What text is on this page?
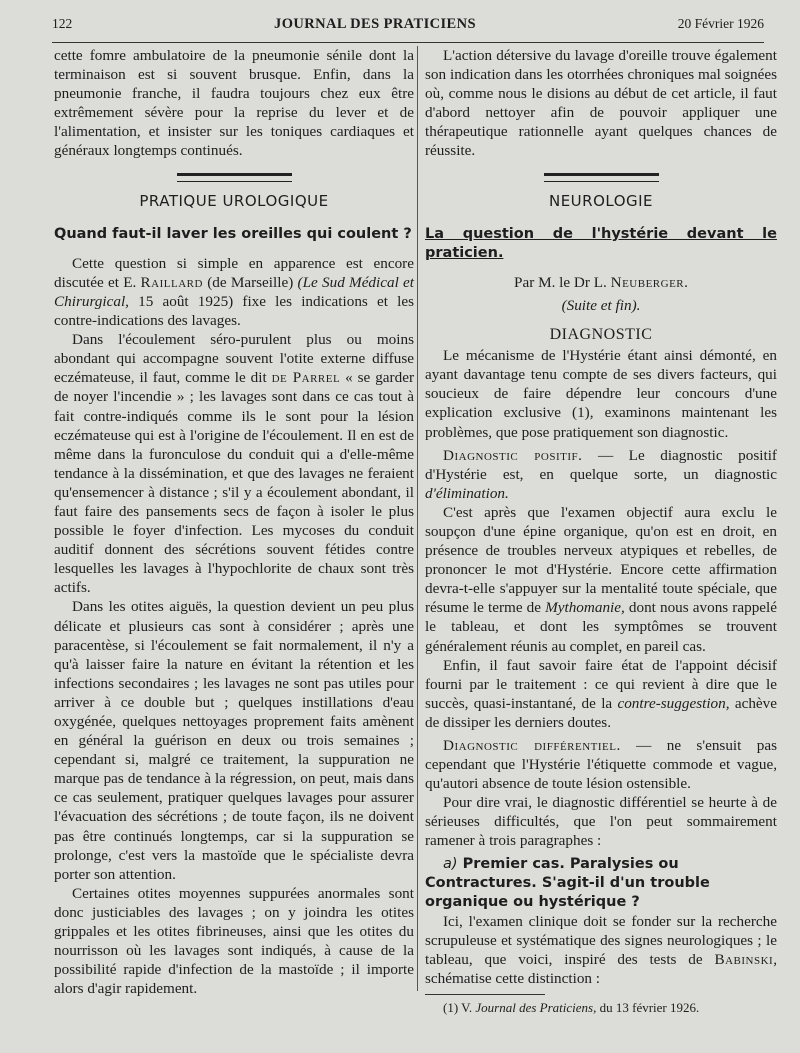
122	JOURNAL DES PRATICIENS	20 Février 1926

cette fomre ambulatoire de la pneumonie sénile dont la terminaison est si souvent brusque. Enfin, dans la pneumonie franche, il faudra toujours chez eux être extrêmement sévère pour la reprise du lever et de l'alimentation, et insister sur les toniques cardiaques et généraux longtemps continués.

PRATIQUE UROLOGIQUE
Quand faut-il laver les oreilles qui coulent ?

Cette question si simple en apparence est encore discutée et E. Raillard (de Marseille) (Le Sud Médical et Chirurgical, 15 août 1925) fixe les indications et les contre-indications des lavages.

Dans l'écoulement séro-purulent plus ou moins abondant qui accompagne souvent l'otite externe diffuse eczémateuse, il faut, comme le dit de Parrel « se garder de noyer l'incendie » ; les lavages sont dans ce cas tout à fait contre-indiqués comme ils le sont pour la lésion eczémateuse qui est à l'origine de l'écoulement. Il en est de même dans la furonculose du conduit qui a d'elle-même tendance à la dissémination, et que des lavages ne feraient qu'ensemencer à distance ; s'il y a écoulement abondant, il faut faire des pansements secs de façon à isoler le plus possible le foyer d'infection. Les mycoses du conduit auditif donnent des sécrétions souvent fétides contre lesquelles les lavages à l'hypochlorite de chaux sont très actifs.

Dans les otites aiguës, la question devient un peu plus délicate et plusieurs cas sont à considérer ; après une paracentèse, si l'écoulement se fait normalement, il n'y a qu'à laisser faire la nature en évitant la rétention et les infections secondaires ; les lavages ne sont pas utiles pour arriver à ce double but ; quelques instillations d'eau oxygénée, quelques nettoyages proprement faits amènent en général la guérison en deux ou trois semaines ; cependant si, malgré ce traitement, la suppuration ne marque pas de tendance à la régression, on peut, mais dans ce cas seulement, pratiquer quelques lavages pour assurer l'évacuation des sécrétions ; de toute façon, ils ne doivent pas être continués longtemps, car si la suppuration se prolonge, c'est vers la mastoïde que le spécialiste devra porter son attention.

Certaines otites moyennes suppurées anormales sont donc justiciables des lavages ; on y joindra les otites grippales et les otites fibrineuses, ainsi que les otites du nourrisson où les lavages sont indiqués, à cause de la possibilité rapide d'infection de la mastoïde ; il importe alors d'agir rapidement.

L'action détersive du lavage d'oreille trouve également son indication dans les otorrhées chroniques mal soignées où, comme nous le disions au début de cet article, il faut d'abord nettoyer afin de pouvoir appliquer une thérapeutique rationnelle ayant quelques chances de réussite.

NEUROLOGIE
La question de l'hystérie devant le praticien.
Par M. le Dr L. Neuberger.
(Suite et fin).
DIAGNOSTIC

Le mécanisme de l'Hystérie étant ainsi démonté, en ayant davantage tenu compte de ses divers facteurs, qui soucieux de faire dépendre leur concours d'une explication exclusive (1), examinons maintenant les problèmes, que pose pratiquement son diagnostic.

Diagnostic positif. — Le diagnostic positif d'Hystérie est, en quelque sorte, un diagnostic d'élimination.

C'est après que l'examen objectif aura exclu le soupçon d'une épine organique, qu'on est en droit, en présence de troubles nerveux atypiques et rebelles, de prononcer le mot d'Hystérie. Encore cette affirmation devra-t-elle s'appuyer sur la mentalité toute spéciale, que résume le terme de Mythomanie, dont nous avons rappelé le tableau, et dont les symptômes se trouvent généralement réunis au complet, en pareil cas.

Enfin, il faut savoir faire état de l'appoint décisif fourni par le traitement : ce qui revient à dire que le succès, quasi-instantané, de la contre-suggestion, achève de dissiper les derniers doutes.

Diagnostic différentiel. — ne s'ensuit pas cependant que l'Hystérie l'étiquette commode et vague, qu'autori absence de toute lésion ostensible.

Pour dire vrai, le diagnostic différentiel se heurte à de sérieuses difficultés, que l'on peut sommairement ramener à trois paragraphes :

a) Premier cas. Paralysies ou Contractures. S'agit-il d'un trouble organique ou hystérique ?

Ici, l'examen clinique doit se fonder sur la recherche scrupuleuse et systématique des signes neurologiques ; le tableau, que voici, inspiré des tests de Babinski, schématise cette distinction :

(1) V. Journal des Praticiens, du 13 février 1926.
